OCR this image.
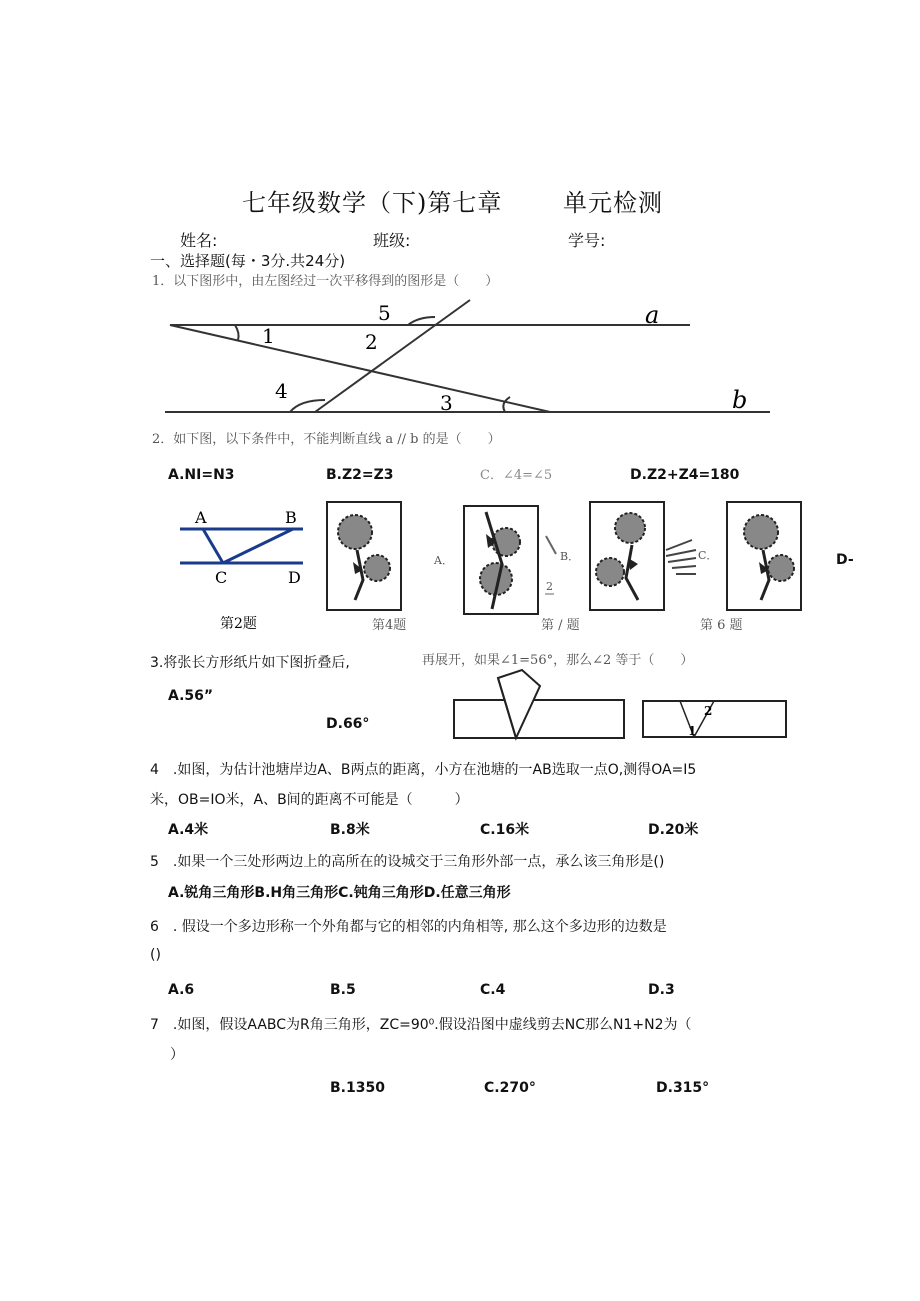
七年级数学（下)第七章	单元检测
姓名:	班级:	学号:
一、选择题(每・3分.共24分)
1．以下图形中，由左图经过一次平移得到的图形是（　　）
1	2
3
4
5	a
b
2．如下图，以下条件中，不能判断直线 a // b 的是（　　）
A.NI=N3	B.Z2=Z3	C．∠4=∠5	D.Z2+Z4=180
A	B
C	D
第2题	第4题
A．
2
B．
第 / 题
C．
第 6 题
D-
3.将张长方形纸片如下图折叠后,	再展开，如果∠1=56°，那么∠2 等于（　　）
A.56”
D.66°	1
2
4　.如图，为估计池塘岸边A、B两点的距离，小方在池塘的一AB选取一点O,测得OA=I5
米，OB=IO米，A、B间的距离不可能是（　　　）
A.4米	B.8米	C.16米	D.20米
5　.如果一个三处形两边上的高所在的设城交于三角形外部一点，承么该三角形是()
A.锐角三角形B.H角三角形C.钝角三角形D.任意三角形
6　. 假设一个多边形称一个外角都与它的相邻的内角相等, 那么这个多边形的边数是
()
A.6	B.5	C.4	D.3
7　.如图，假设AABC为R角三角形，ZC=90⁰.假设沿图中虚线剪去NC那么N1+N2为（
）
B.1350	C.270°	D.315°
